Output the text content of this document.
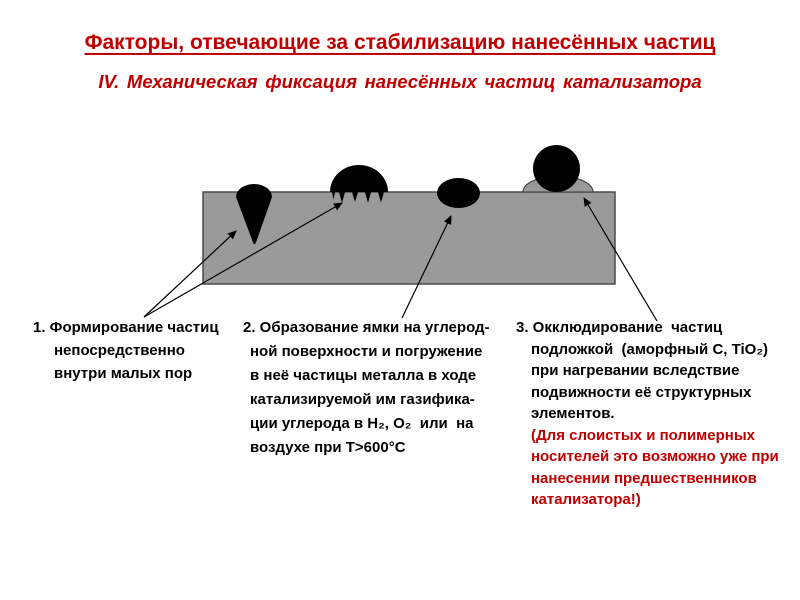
Факторы, отвечающие за стабилизацию нанесённых частиц
IV. Механическая фиксация нанесённых частиц катализатора
1. Формирование частиц
непосредственно
внутри малых пор
2. Образование ямки на углерод-
ной поверхности и погружение
в неё частицы металла в ходе
катализируемой им газифика-
ции углерода в H₂, O₂  или  на
воздухе при Т>600°C
3. Окклюдирование  частиц
подложкой  (аморфный C, TiO₂)
при нагревании вследствие
подвижности её структурных
элементов.
(Для слоистых и полимерных
носителей это возможно уже при
нанесении предшественников
катализатора!)
